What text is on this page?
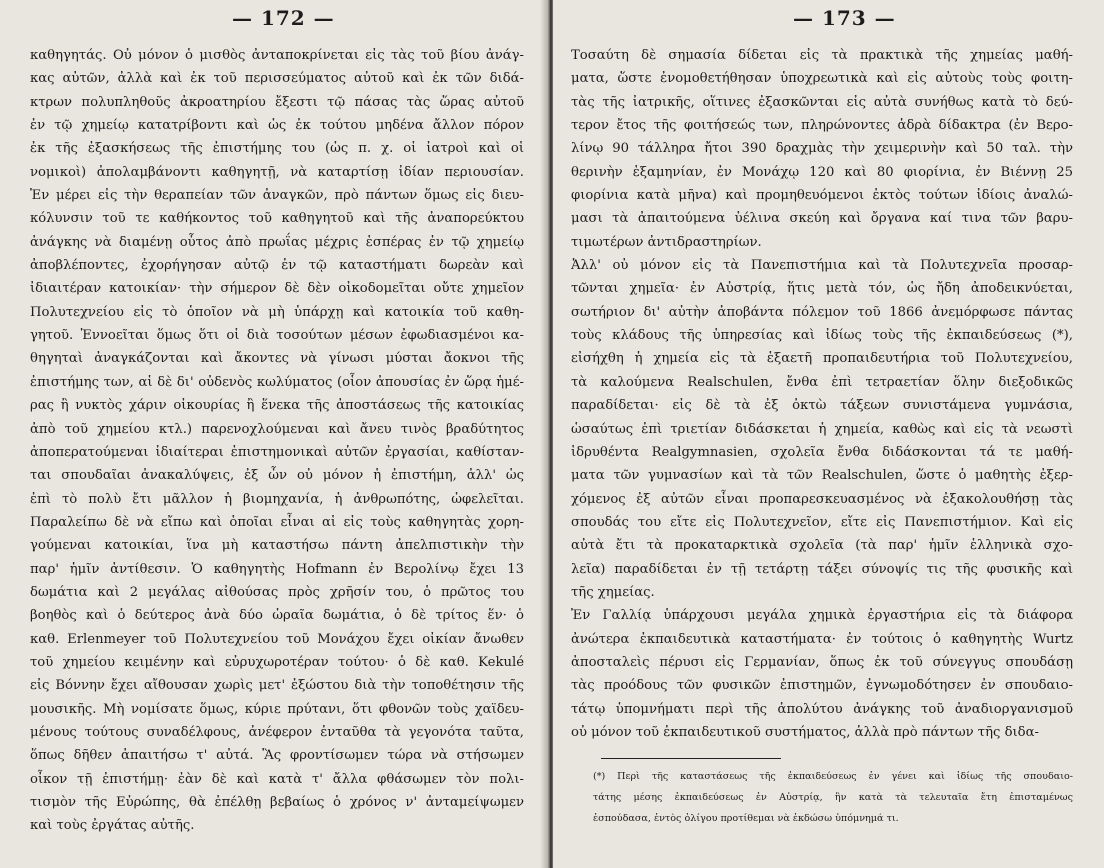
— 172 —
καθηγητάς. Οὐ μόνον ὁ μισθὸς ἀνταποκρίνεται εἰς τὰς τοῦ βίου ἀνάγ-
κας αὐτῶν, ἀλλὰ καὶ ἐκ τοῦ περισσεύματος αὐτοῦ καὶ ἐκ τῶν διδά-
κτρων πολυπληθοῦς ἀκροατηρίου ἔξεστι τῷ πάσας τὰς ὥρας αὐτοῦ
ἐν τῷ χημείῳ κατατρίβοντι καὶ ὡς ἐκ τούτου μηδένα ἄλλον πόρον
ἐκ τῆς ἐξασκήσεως τῆς ἐπιστήμης του (ὡς π. χ. οἱ ἰατροὶ καὶ οἱ
νομικοὶ) ἀπολαμβάνοντι καθηγητῇ, νὰ καταρτίσῃ ἰδίαν περιουσίαν.
Ἐν μέρει εἰς τὴν θεραπείαν τῶν ἀναγκῶν, πρὸ πάντων ὅμως εἰς διευ-
κόλυνσιν τοῦ τε καθήκοντος τοῦ καθηγητοῦ καὶ τῆς ἀναπορεύκτου
ἀνάγκης νὰ διαμένῃ οὗτος ἀπὸ πρωΐας μέχρις ἑσπέρας ἐν τῷ χημείῳ
ἀποβλέποντες, ἐχορήγησαν αὐτῷ ἐν τῷ καταστήματι δωρεὰν καὶ
ἰδιαιτέραν κατοικίαν· τὴν σήμερον δὲ δὲν οἰκοδομεῖται οὔτε χημεῖον
Πολυτεχνείου εἰς τὸ ὁποῖον νὰ μὴ ὑπάρχῃ καὶ κατοικία τοῦ καθη-
γητοῦ. Ἐννοεῖται ὅμως ὅτι οἱ διὰ τοσούτων μέσων ἐφωδιασμένοι κα-
θηγηταὶ ἀναγκάζονται καὶ ἄκοντες νὰ γίνωσι μύσται ἄοκνοι τῆς
ἐπιστήμης των, αἱ δὲ δι' οὐδενὸς κωλύματος (οἷον ἀπουσίας ἐν ὥρᾳ ἡμέ-
ρας ἢ νυκτὸς χάριν οἰκουρίας ἢ ἕνεκα τῆς ἀποστάσεως τῆς κατοικίας
ἀπὸ τοῦ χημείου κτλ.) παρενοχλούμεναι καὶ ἄνευ τινὸς βραδύτητος
ἀποπερατούμεναι ἰδιαίτεραι ἐπιστημονικαὶ αὐτῶν ἐργασίαι, καθίσταν-
ται σπουδαῖαι ἀνακαλύψεις, ἐξ ὧν οὐ μόνον ἡ ἐπιστήμη, ἀλλ' ὡς
ἐπὶ τὸ πολὺ ἔτι μᾶλλον ἡ βιομηχανία, ἡ ἀνθρωπότης, ὠφελεῖται.
Παραλείπω δὲ νὰ εἴπω καὶ ὁποῖαι εἶναι αἱ εἰς τοὺς καθηγητὰς χορη-
γούμεναι κατοικίαι, ἵνα μὴ καταστήσω πάντη ἀπελπιστικὴν τὴν
παρ' ἡμῖν ἀντίθεσιν. Ὁ καθηγητὴς Hofmann ἐν Βερολίνῳ ἔχει 13
δωμάτια καὶ 2 μεγάλας αἰθούσας πρὸς χρῆσίν του, ὁ πρῶτος του
βοηθὸς καὶ ὁ δεύτερος ἀνὰ δύο ὡραῖα δωμάτια, ὁ δὲ τρίτος ἕν· ὁ
καθ. Erlenmeyer τοῦ Πολυτεχνείου τοῦ Μονάχου ἔχει οἰκίαν ἄνωθεν
τοῦ χημείου κειμένην καὶ εὐρυχωροτέραν τούτου· ὁ δὲ καθ. Kekulé
εἰς Βόννην ἔχει αἴθουσαν χωρὶς μετ' ἐξώστου διὰ τὴν τοποθέτησιν τῆς
μουσικῆς. Μὴ νομίσατε ὅμως, κύριε πρύτανι, ὅτι φθονῶν τοὺς χαϊδευ-
μένους τούτους συναδέλφους, ἀνέφερον ἐνταῦθα τὰ γεγονότα ταῦτα,
ὅπως δῆθεν ἀπαιτήσω τ' αὐτά. Ἂς φροντίσωμεν τώρα νὰ στήσωμεν
οἶκον τῇ ἐπιστήμῃ· ἐὰν δὲ καὶ κατὰ τ' ἄλλα φθάσωμεν τὸν πολι-
τισμὸν τῆς Εὐρώπης, θὰ ἐπέλθῃ βεβαίως ὁ χρόνος ν' ἀνταμείψωμεν
καὶ τοὺς ἐργάτας αὐτῆς.
— 173 —
Τοσαύτη δὲ σημασία δίδεται εἰς τὰ πρακτικὰ τῆς χημείας μαθή-
ματα, ὥστε ἐνομοθετήθησαν ὑποχρεωτικὰ καὶ εἰς αὐτοὺς τοὺς φοιτη-
τὰς τῆς ἰατρικῆς, οἵτινες ἐξασκῶνται εἰς αὐτὰ συνήθως κατὰ τὸ δεύ-
τερον ἔτος τῆς φοιτήσεώς των, πληρώνοντες ἁδρὰ δίδακτρα (ἐν Βερο-
λίνῳ 90 τάλληρα ἤτοι 390 δραχμὰς τὴν χειμερινὴν καὶ 50 ταλ. τὴν
θερινὴν ἑξαμηνίαν, ἐν Μονάχῳ 120 καὶ 80 φιορίνια, ἐν Βιέννῃ 25
φιορίνια κατὰ μῆνα) καὶ προμηθευόμενοι ἐκτὸς τούτων ἰδίοις ἀναλώ-
μασι τὰ ἀπαιτούμενα ὑέλινα σκεύη καὶ ὄργανα καί τινα τῶν βαρυ-
τιμωτέρων ἀντιδραστηρίων.
Ἀλλ' οὐ μόνον εἰς τὰ Πανεπιστήμια καὶ τὰ Πολυτεχνεῖα προσαρ-
τῶνται χημεῖα· ἐν Αὐστρίᾳ, ἥτις μετὰ τόν, ὡς ἤδη ἀποδεικνύεται,
σωτήριον δι' αὐτὴν ἀποβάντα πόλεμον τοῦ 1866 ἀνεμόρφωσε πάντας
τοὺς κλάδους τῆς ὑπηρεσίας καὶ ἰδίως τοὺς τῆς ἐκπαιδεύσεως (*),
εἰσήχθη ἡ χημεία εἰς τὰ ἑξαετῆ προπαιδευτήρια τοῦ Πολυτεχνείου,
τὰ καλούμενα Realschulen, ἔνθα ἐπὶ τετραετίαν ὅλην διεξοδικῶς
παραδίδεται· εἰς δὲ τὰ ἐξ ὀκτὼ τάξεων συνιστάμενα γυμνάσια,
ὡσαύτως ἐπὶ τριετίαν διδάσκεται ἡ χημεία, καθὼς καὶ εἰς τὰ νεωστὶ
ἱδρυθέντα Realgymnasien, σχολεῖα ἔνθα διδάσκονται τά τε μαθή-
ματα τῶν γυμνασίων καὶ τὰ τῶν Realschulen, ὥστε ὁ μαθητὴς ἐξερ-
χόμενος ἐξ αὐτῶν εἶναι προπαρεσκευασμένος νὰ ἐξακολουθήσῃ τὰς
σπουδάς του εἴτε εἰς Πολυτεχνεῖον, εἴτε εἰς Πανεπιστήμιον. Καὶ εἰς
αὐτὰ ἔτι τὰ προκαταρκτικὰ σχολεῖα (τὰ παρ' ἡμῖν ἑλληνικὰ σχο-
λεῖα) παραδίδεται ἐν τῇ τετάρτῃ τάξει σύνοψίς τις τῆς φυσικῆς καὶ
τῆς χημείας.
Ἐν Γαλλίᾳ ὑπάρχουσι μεγάλα χημικὰ ἐργαστήρια εἰς τὰ διάφορα
ἀνώτερα ἐκπαιδευτικὰ καταστήματα· ἐν τούτοις ὁ καθηγητὴς Wurtz
ἀποσταλεὶς πέρυσι εἰς Γερμανίαν, ὅπως ἐκ τοῦ σύνεγγυς σπουδάσῃ
τὰς προόδους τῶν φυσικῶν ἐπιστημῶν, ἐγνωμοδότησεν ἐν σπουδαιο-
τάτῳ ὑπομνήματι περὶ τῆς ἀπολύτου ἀνάγκης τοῦ ἀναδιοργανισμοῦ
οὐ μόνον τοῦ ἐκπαιδευτικοῦ συστήματος, ἀλλὰ πρὸ πάντων τῆς διδα-
(*) Περὶ τῆς καταστάσεως τῆς ἐκπαιδεύσεως ἐν γένει καὶ ἰδίως τῆς σπουδαιο-
τάτης μέσης ἐκπαιδεύσεως ἐν Αὐστρίᾳ, ἣν κατὰ τὰ τελευταῖα ἔτη ἐπισταμένως
ἐσπούδασα, ἐντὸς ὀλίγου προτίθεμαι νὰ ἐκδώσω ὑπόμνημά τι.
